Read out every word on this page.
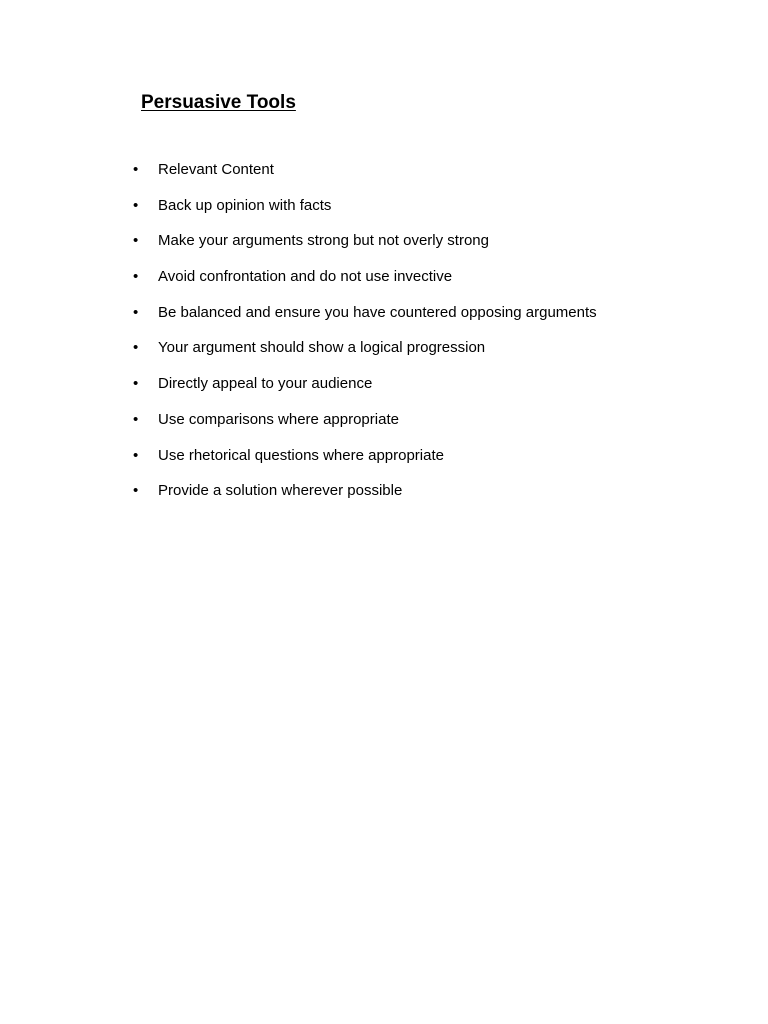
Persuasive Tools
• Relevant Content
• Back up opinion with facts
• Make your arguments strong but not overly strong
• Avoid confrontation and do not use invective
• Be balanced and ensure you have countered opposing arguments
• Your argument should show a logical progression
• Directly appeal to your audience
• Use comparisons where appropriate
• Use rhetorical questions where appropriate
• Provide a solution wherever possible
